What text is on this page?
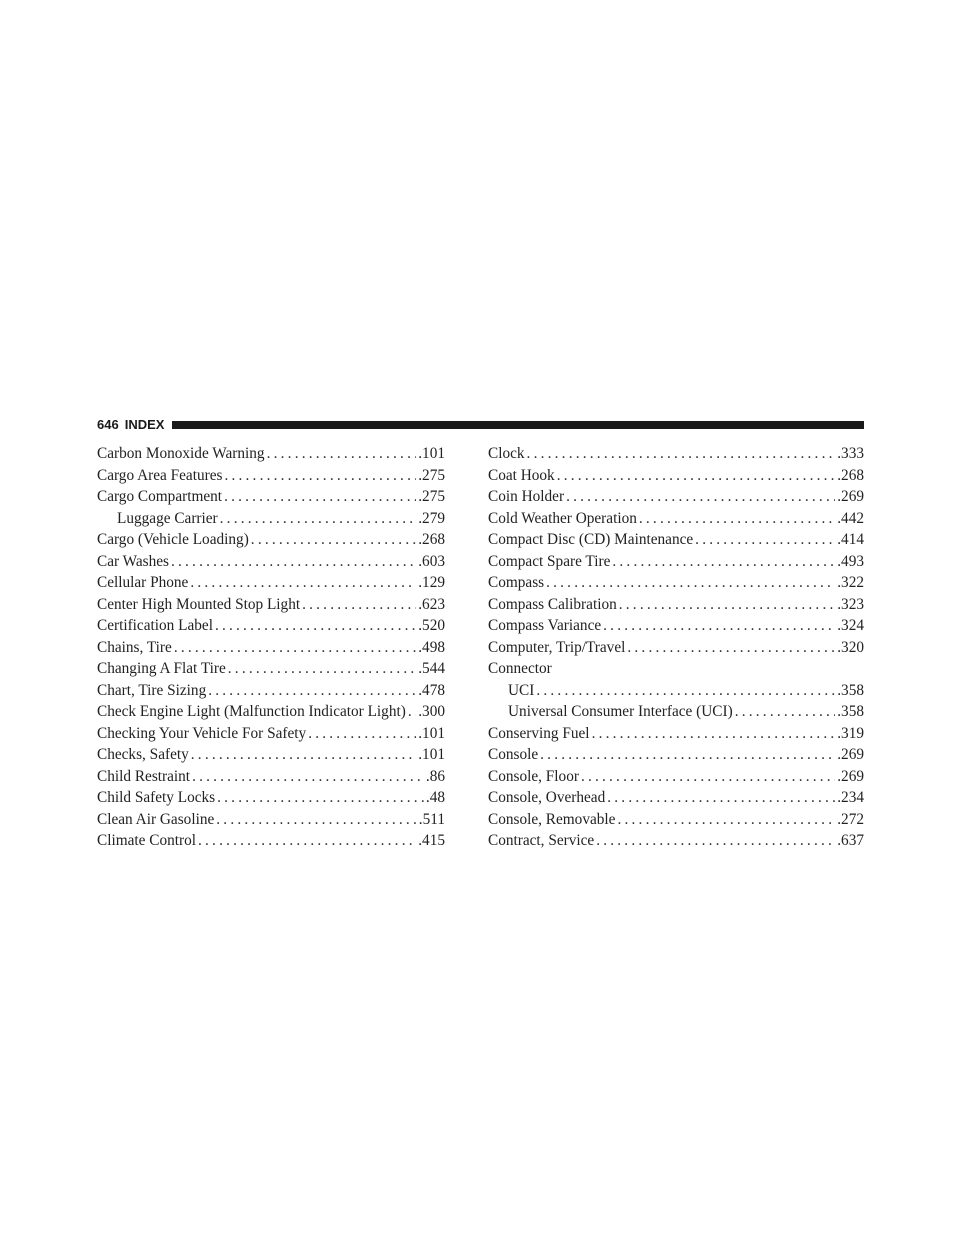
646 INDEX
Carbon Monoxide Warning .....	.101
Cargo Area Features .....	.275
Cargo Compartment .....	.275
Luggage Carrier .....	.279
Cargo (Vehicle Loading) .....	.268
Car Washes .....	.603
Cellular Phone .....	.129
Center High Mounted Stop Light .....	.623
Certification Label .....	.520
Chains, Tire .....	.498
Changing A Flat Tire .....	.544
Chart, Tire Sizing .....	.478
Check Engine Light (Malfunction Indicator Light) ..... .300
Checking Your Vehicle For Safety .....	.101
Checks, Safety .....	.101
Child Restraint .....	.86
Child Safety Locks .....	.48
Clean Air Gasoline .....	.511
Climate Control .....	.415
Clock .....	.333
Coat Hook .....	.268
Coin Holder .....	.269
Cold Weather Operation .....	.442
Compact Disc (CD) Maintenance .....	.414
Compact Spare Tire .....	.493
Compass .....	.322
Compass Calibration .....	.323
Compass Variance .....	.324
Computer, Trip/Travel .....	.320
Connector
UCI .....	.358
Universal Consumer Interface (UCI) .....	.358
Conserving Fuel .....	.319
Console .....	.269
Console, Floor .....	.269
Console, Overhead .....	.234
Console, Removable .....	.272
Contract, Service .....	.637
